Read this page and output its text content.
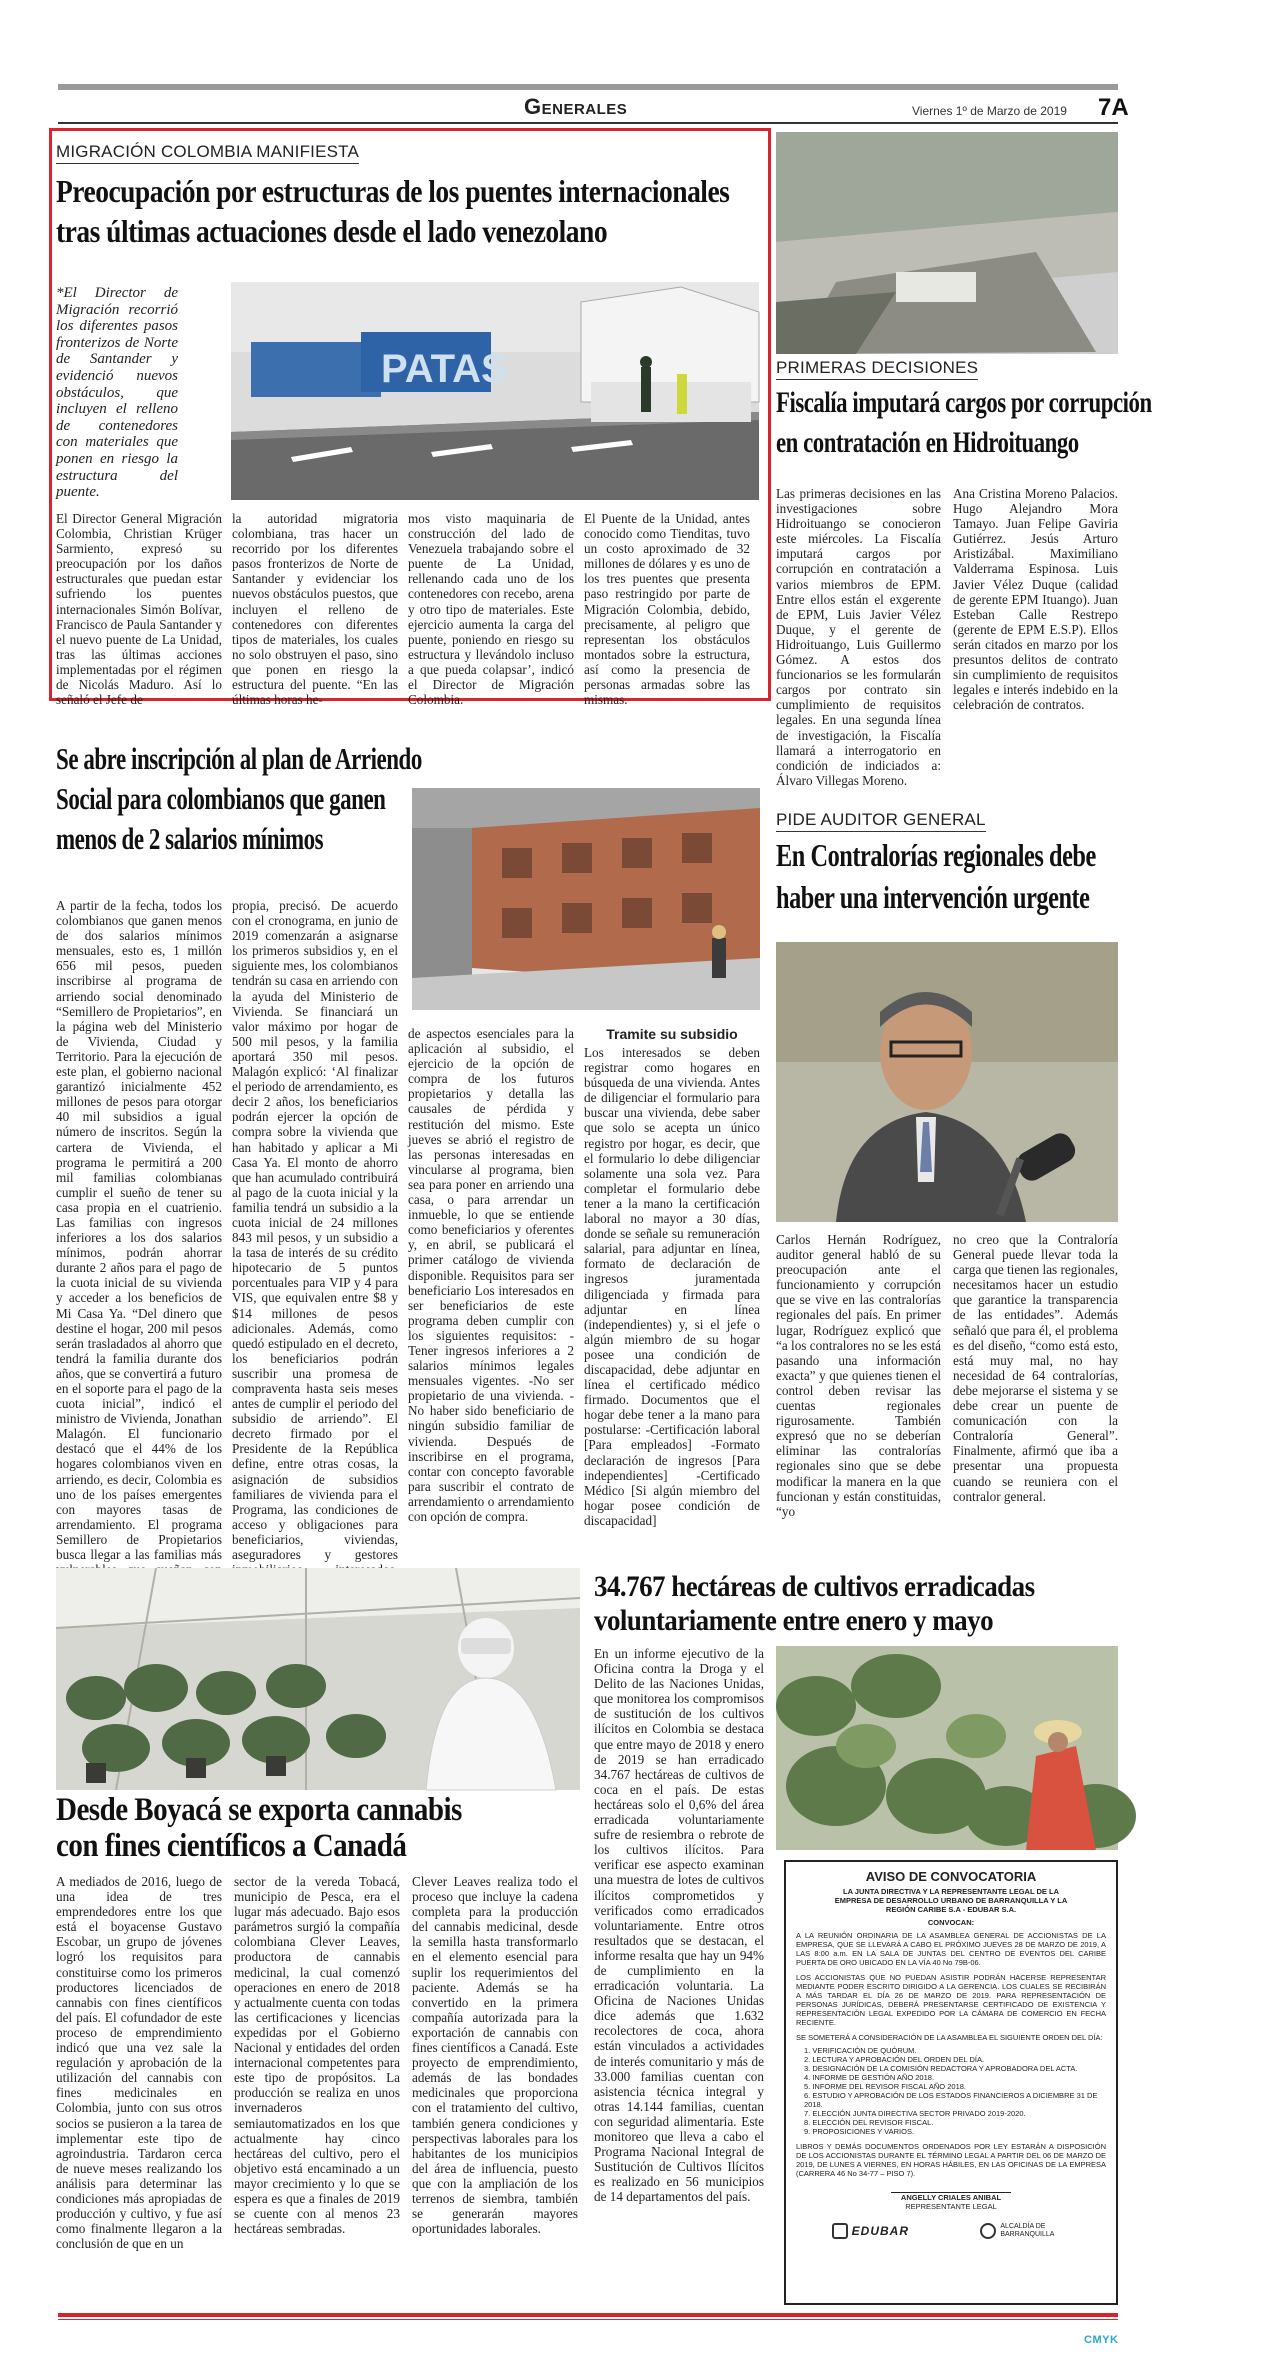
Generales	Viernes 1º de Marzo de 2019 7A
MIGRACIÓN COLOMBIA MANIFIESTA
Preocupación por estructuras de los puentes internacionales
tras últimas actuaciones desde el lado venezolano
*El Director de Migración recorrió los diferentes pasos fronterizos de Norte de Santander y evidenció nuevos obstáculos, que incluyen el relleno de contenedores con materiales que ponen en riesgo la estructura del puente.
PATAS
El Director General Migración Colombia, Christian Krüger Sarmiento, expresó su preocupación por los daños estructurales que puedan estar sufriendo los puentes internacionales Simón Bolívar, Francisco de Paula Santander y el nuevo puente de La Unidad, tras las últimas acciones implementadas por el régimen de Nicolás Maduro. Así lo señaló el Jefe de
la autoridad migratoria colombiana, tras hacer un recorrido por los diferentes pasos fronterizos de Norte de Santander y evidenciar los nuevos obstáculos puestos, que incluyen el relleno de contenedores con diferentes tipos de materiales, los cuales no solo obstruyen el paso, sino que ponen en riesgo la estructura del puente. “En las últimas horas he-
mos visto maquinaria de construcción del lado de Venezuela trabajando sobre el puente de La Unidad, rellenando cada uno de los contenedores con recebo, arena y otro tipo de materiales. Este ejercicio aumenta la carga del puente, poniendo en riesgo su estructura y llevándolo incluso a que pueda colapsar’, indicó el Director de Migración Colombia.
El Puente de la Unidad, antes conocido como Tienditas, tuvo un costo aproximado de 32 millones de dólares y es uno de los tres puentes que presenta paso restringido por parte de Migración Colombia, debido, precisamente, al peligro que representan los obstáculos montados sobre la estructura, así como la presencia de personas armadas sobre las mismas.
PRIMERAS DECISIONES
Fiscalía imputará cargos por corrupción
en contratación en Hidroituango
Las primeras decisiones en las investigaciones sobre Hidroituango se conocieron este miércoles. La Fiscalía imputará cargos por corrupción en contratación a varios miembros de EPM. Entre ellos están el exgerente de EPM, Luis Javier Vélez Duque, y el gerente de Hidroituango, Luis Guillermo Gómez. A estos dos funcionarios se les formularán cargos por contrato sin cumplimiento de requisitos legales. En una segunda línea de investigación, la Fiscalía llamará a interrogatorio en condición de indiciados a: Álvaro Villegas Moreno.
Ana Cristina Moreno Palacios. Hugo Alejandro Mora Tamayo. Juan Felipe Gaviria Gutiérrez. Jesús Arturo Aristizábal. Maximiliano Valderrama Espinosa. Luis Javier Vélez Duque (calidad de gerente EPM Ituango). Juan Esteban Calle Restrepo (gerente de EPM E.S.P). Ellos serán citados en marzo por los presuntos delitos de contrato sin cumplimiento de requisitos legales e interés indebido en la celebración de contratos.
Se abre inscripción al plan de Arriendo
Social para colombianos que ganen
menos de 2 salarios mínimos
A partir de la fecha, todos los colombianos que ganen menos de dos salarios mínimos mensuales, esto es, 1 millón 656 mil pesos, pueden inscribirse al programa de arriendo social denominado “Semillero de Propietarios”, en la página web del Ministerio de Vivienda, Ciudad y Territorio. Para la ejecución de este plan, el gobierno nacional garantizó inicialmente 452 millones de pesos para otorgar 40 mil subsidios a igual número de inscritos. Según la cartera de Vivienda, el programa le permitirá a 200 mil familias colombianas cumplir el sueño de tener su casa propia en el cuatrienio. Las familias con ingresos inferiores a los dos salarios mínimos, podrán ahorrar durante 2 años para el pago de la cuota inicial de su vivienda y acceder a los beneficios de Mi Casa Ya. “Del dinero que destine el hogar, 200 mil pesos serán trasladados al ahorro que tendrá la familia durante dos años, que se convertirá a futuro en el soporte para el pago de la cuota inicial”, indicó el ministro de Vivienda, Jonathan Malagón. El funcionario destacó que el 44% de los hogares colombianos viven en arriendo, es decir, Colombia es uno de los países emergentes con mayores tasas de arrendamiento. El programa Semillero de Propietarios busca llegar a las familias más
propia, precisó. De acuerdo con el cronograma, en junio de 2019 comenzarán a asignarse los primeros subsidios y, en el siguiente mes, los colombianos tendrán su casa en arriendo con la ayuda del Ministerio de Vivienda. Se financiará un valor máximo por hogar de 500 mil pesos, y la familia aportará 350 mil pesos. Malagón explicó: ‘Al finalizar el periodo de arrendamiento, es decir 2 años, los beneficiarios podrán ejercer la opción de compra sobre la vivienda que han habitado y aplicar a Mi Casa Ya. El monto de ahorro que han acumulado contribuirá al pago de la cuota inicial y la familia tendrá un subsidio a la cuota inicial de 24 millones 843 mil pesos, y un subsidio a la tasa de interés de su crédito hipotecario de 5 puntos porcentuales para VIP y 4 para VIS, que equivalen entre $8 y $14 millones de pesos adicionales. Además, como quedó estipulado en el decreto, los beneficiarios podrán suscribir una promesa de compraventa hasta seis meses antes de cumplir el periodo del subsidio de arriendo”. El decreto firmado por el Presidente de la República define, entre otras cosas, la asignación de subsidios familiares de vivienda para el Programa, las condiciones de acceso y obligaciones para beneficiarios, viviendas, aseguradores y gestores
de aspectos esenciales para la aplicación al subsidio, el ejercicio de la opción de compra de los futuros propietarios y detalla las causales de pérdida y restitución del mismo. Este jueves se abrió el registro de las personas interesadas en vincularse al programa, bien sea para poner en arriendo una casa, o para arrendar un inmueble, lo que se entiende como beneficiarios y oferentes y, en abril, se publicará el primer catálogo de vivienda disponible. Requisitos para ser beneficiario Los interesados en ser beneficiarios de este programa deben cumplir con los siguientes requisitos: -Tener ingresos inferiores a 2 salarios mínimos legales mensuales vigentes. -No ser propietario de una vivienda. -No haber sido beneficiario de ningún subsidio familiar de vivienda. Después de inscribirse en el programa, contar con concepto favorable para suscribir el contrato de arrendamiento o arrendamiento con opción de compra.
Tramite su subsidio
Los interesados se deben registrar como hogares en búsqueda de una vivienda. Antes de diligenciar el formulario para buscar una vivienda, debe saber que solo se acepta un único registro por hogar, es decir, que el formulario lo debe diligenciar solamente una sola vez. Para completar el formulario debe tener a la mano la certificación laboral no mayor a 30 días, donde se señale su remuneración salarial, para adjuntar en línea, formato de declaración de ingresos juramentada diligenciada y firmada para adjuntar en línea (independientes) y, si el jefe o algún miembro de su hogar posee una condición de discapacidad, debe adjuntar en línea el certificado médico firmado. Documentos que el hogar debe tener a la mano para postularse: -Certificación laboral [Para empleados] -Formato declaración de ingresos [Para independientes] -Certificado Médico [Si algún miembro del hogar posee condición de discapacidad]
PIDE AUDITOR GENERAL
En Contralorías regionales debe
haber una intervención urgente
Carlos Hernán Rodríguez, auditor general habló de su preocupación ante el funcionamiento y corrupción que se vive en las contralorías regionales del país. En primer lugar, Rodríguez explicó que “a los contralores no se les está pasando una información exacta” y que quienes tienen el control deben revisar las cuentas regionales rigurosamente. También expresó que no se deberían eliminar las contralorías regionales sino que se debe modificar la manera en la que funcionan y están constituidas, “yo
no creo que la Contraloría General puede llevar toda la carga que tienen las regionales, necesitamos hacer un estudio que garantice la transparencia de las entidades”. Además señaló que para él, el problema es del diseño, “como está esto, está muy mal, no hay necesidad de 64 contralorías, debe mejorarse el sistema y se debe crear un puente de comunicación con la Contraloría General”. Finalmente, afirmó que iba a presentar una propuesta cuando se reuniera con el contralor general.
Desde Boyacá se exporta cannabis
con fines científicos a Canadá
A mediados de 2016, luego de una idea de tres emprendedores entre los que está el boyacense Gustavo Escobar, un grupo de jóvenes logró los requisitos para constituirse como los primeros productores licenciados de cannabis con fines científicos del país. El cofundador de este proceso de emprendimiento indicó que una vez sale la regulación y aprobación de la utilización del cannabis con fines medicinales en Colombia, junto con sus otros socios se pusieron a la tarea de implementar este tipo de agroindustria. Tardaron cerca de nueve meses realizando los análisis para determinar las condiciones más apropiadas de producción y cultivo, y fue así como finalmente llegaron a la conclusión de que en un
sector de la vereda Tobacá, municipio de Pesca, era el lugar más adecuado. Bajo esos parámetros surgió la compañía colombiana Clever Leaves, productora de cannabis medicinal, la cual comenzó operaciones en enero de 2018 y actualmente cuenta con todas las certificaciones y licencias expedidas por el Gobierno Nacional y entidades del orden internacional competentes para este tipo de propósitos. La producción se realiza en unos invernaderos semiautomatizados en los que actualmente hay cinco hectáreas del cultivo, pero el objetivo está encaminado a un mayor crecimiento y lo que se espera es que a finales de 2019 se cuente con al menos 23 hectáreas sembradas.
Clever Leaves realiza todo el proceso que incluye la cadena completa para la producción del cannabis medicinal, desde la semilla hasta transformarlo en el elemento esencial para suplir los requerimientos del paciente. Además se ha convertido en la primera compañía autorizada para la exportación de cannabis con fines científicos a Canadá. Este proyecto de emprendimiento, además de las bondades medicinales que proporciona con el tratamiento del cultivo, también genera condiciones y perspectivas laborales para los habitantes de los municipios del área de influencia, puesto que con la ampliación de los terrenos de siembra, también se generarán mayores oportunidades laborales.
34.767 hectáreas de cultivos erradicadas
voluntariamente entre enero y mayo
En un informe ejecutivo de la Oficina contra la Droga y el Delito de las Naciones Unidas, que monitorea los compromisos de sustitución de los cultivos ilícitos en Colombia se destaca que entre mayo de 2018 y enero de 2019 se han erradicado 34.767 hectáreas de cultivos de coca en el país. De estas hectáreas solo el 0,6% del área erradicada voluntariamente sufre de resiembra o rebrote de los cultivos ilícitos. Para verificar ese aspecto examinan una muestra de lotes de cultivos ilícitos comprometidos y verificados como erradicados voluntariamente. Entre otros resultados que se destacan, el informe resalta que hay un 94% de cumplimiento en la erradicación voluntaria. La Oficina de Naciones Unidas dice además que 1.632 recolectores de coca, ahora están vinculados a actividades de interés comunitario y más de 33.000 familias cuentan con asistencia técnica integral y otras 14.144 familias, cuentan con seguridad alimentaria. Este monitoreo que lleva a cabo el Programa Nacional Integral de Sustitución de Cultivos Ilícitos es realizado en 56 municipios de 14 departamentos del país.
AVISO DE CONVOCATORIA

LA JUNTA DIRECTIVA Y LA REPRESENTANTE LEGAL DE LA EMPRESA DE DESARROLLO URBANO DE BARRANQUILLA Y LA REGIÓN CARIBE S.A - EDUBAR S.A.

CONVOCAN:

A LA REUNIÓN ORDINARIA DE LA ASAMBLEA GENERAL DE ACCIONISTAS DE LA EMPRESA, QUE SE LLEVARÁ A CABO EL PRÓXIMO JUEVES 28 DE MARZO DE 2019, A LAS 8:00 a.m. EN LA SALA DE JUNTAS DEL CENTRO DE EVENTOS DEL CARIBE PUERTA DE ORO UBICADO EN LA VÍA 40 No 79B-06.

LOS ACCIONISTAS QUE NO PUEDAN ASISTIR PODRÁN HACERSE REPRESENTAR MEDIANTE PODER ESCRITO DIRIGIDO A LA GERENCIA. LOS CUALES SE RECIBIRÁN A MÁS TARDAR EL DÍA 26 DE MARZO DE 2019. PARA REPRESENTACIÓN DE PERSONAS JURÍDICAS, DEBERÁ PRESENTARSE CERTIFICADO DE EXISTENCIA Y REPRESENTACIÓN LEGAL EXPEDIDO POR LA CÁMARA DE COMERCIO EN FECHA RECIENTE.

SE SOMETERÁ A CONSIDERACIÓN DE LA ASAMBLEA EL SIGUIENTE ORDEN DEL DÍA:

1. VERIFICACIÓN DE QUÓRUM.
2. LECTURA Y APROBACIÓN DEL ORDEN DEL DÍA.
3. DESIGNACIÓN DE LA COMISIÓN REDACTORA Y APROBADORA DEL ACTA.
4. INFORME DE GESTIÓN AÑO 2018.
5. INFORME DEL REVISOR FISCAL AÑO 2018.
6. ESTUDIO Y APROBACIÓN DE LOS ESTADOS FINANCIEROS A DICIEMBRE 31 DE 2018.
7. ELECCIÓN JUNTA DIRECTIVA SECTOR PRIVADO 2019-2020.
8. ELECCIÓN DEL REVISOR FISCAL.
9. PROPOSICIONES Y VARIOS.

LIBROS Y DEMÁS DOCUMENTOS ORDENADOS POR LEY ESTARÁN A DISPOSICIÓN DE LOS ACCIONISTAS DURANTE EL TÉRMINO LEGAL A PARTIR DEL 06 DE MARZO DE 2019, DE LUNES A VIERNES, EN HORAS HÁBILES, EN LAS OFICINAS DE LA EMPRESA (CARRERA 46 No 34-77 – PISO 7).

ANGELLY CRIALES ANIBAL
REPRESENTANTE LEGAL
EDUBAR	ALCALDÍA DE BARRANQUILLA
CMYK
